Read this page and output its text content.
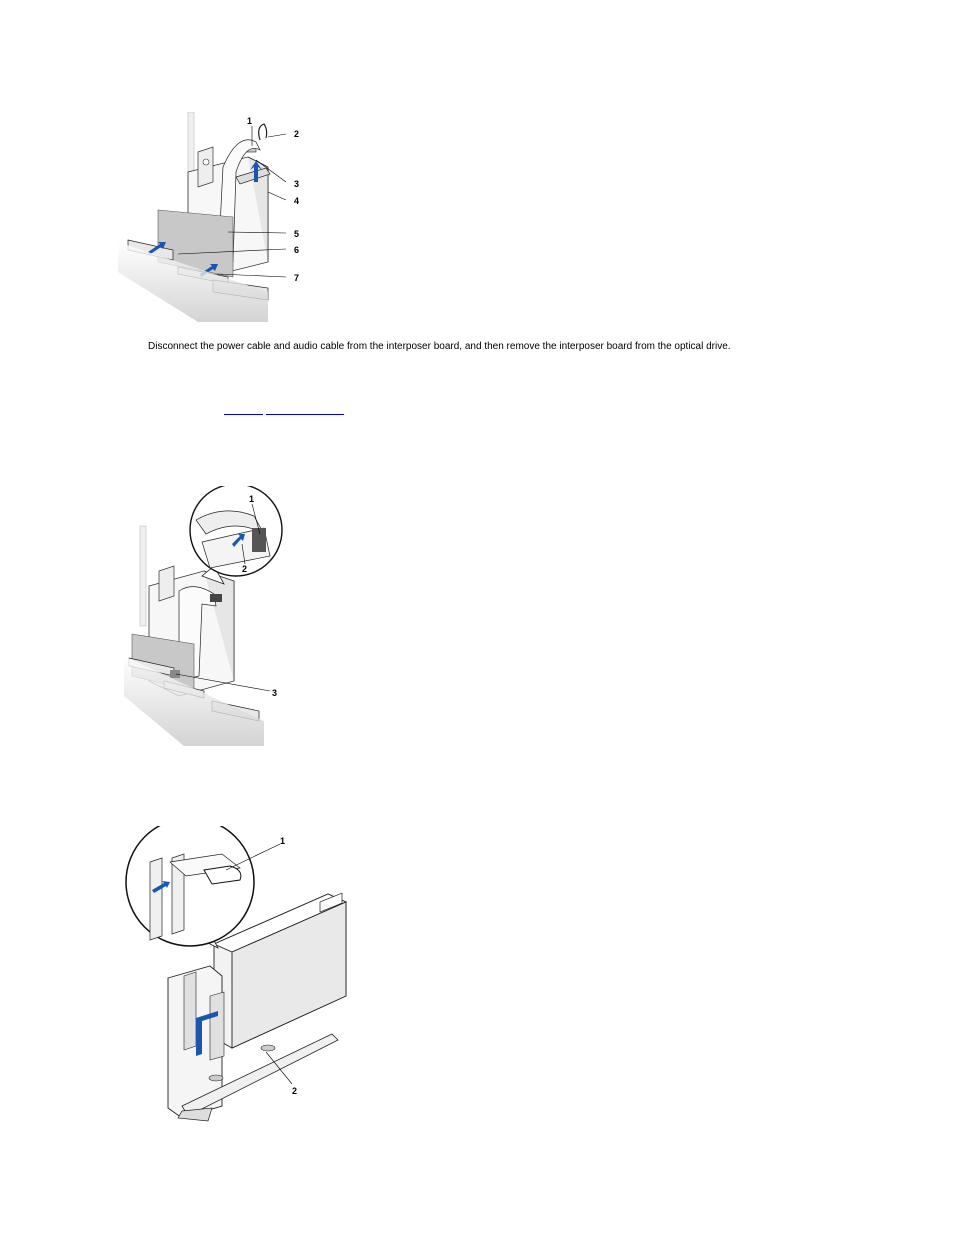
1
2
3
4
5
6
7
Disconnect the power cable and audio cable from the interposer board, and then remove the interposer board from the optical drive.
1
2
3
1
2
